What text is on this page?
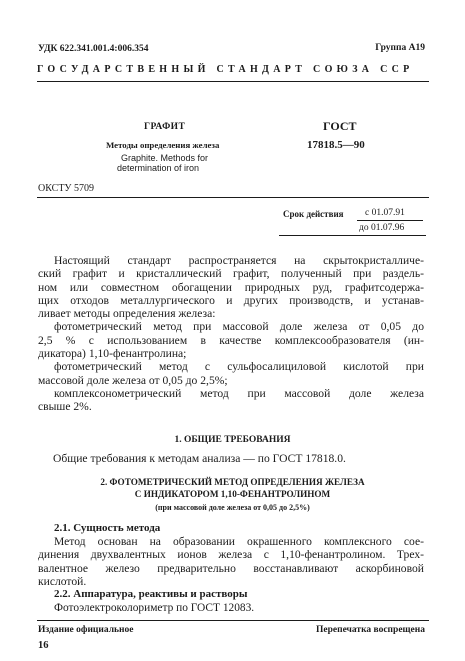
УДК 622.341.001.4:006.354	Группа А19
ГОСУДАРСТВЕННЫЙ СТАНДАРТ СОЮЗА ССР
ГРАФИТ
Методы определения железа
Graphite. Methods for
determination of iron
ГОСТ
17818.5—90
ОКСТУ 5709
Срок действия с 01.07.91
до 01.07.96
Настоящий стандарт распространяется на скрытокристалличе-
ский графит и кристаллический графит, полученный при раздель-
ном или совместном обогащении природных руд, графитсодержа-
щих отходов металлургического и других производств, и устанав-
ливает методы определения железа:
фотометрический метод при массовой доле железа от 0,05 до
2,5 % с использованием в качестве комплексообразователя (ин-
дикатора) 1,10-фенантролина;
фотометрический метод с сульфосалициловой кислотой при
массовой доле железа от 0,05 до 2,5%;
комплексонометрический метод при массовой доле железа
свыше 2%.
1. ОБЩИЕ ТРЕБОВАНИЯ
Общие требования к методам анализа — по ГОСТ 17818.0.
2. ФОТОМЕТРИЧЕСКИЙ МЕТОД ОПРЕДЕЛЕНИЯ ЖЕЛЕЗА
С ИНДИКАТОРОМ 1,10-ФЕНАНТРОЛИНОМ
(при массовой доле железа от 0,05 до 2,5%)
2.1. Сущность метода
Метод основан на образовании окрашенного комплексного сое-
динения двухвалентных ионов железа с 1,10-фенантролином. Трех-
валентное железо предварительно восстанавливают аскорбиновой
кислотой.
2.2. Аппаратура, реактивы и растворы
Фотоэлектроколориметр по ГОСТ 12083.
Издание официальное	Перепечатка воспрещена
16
